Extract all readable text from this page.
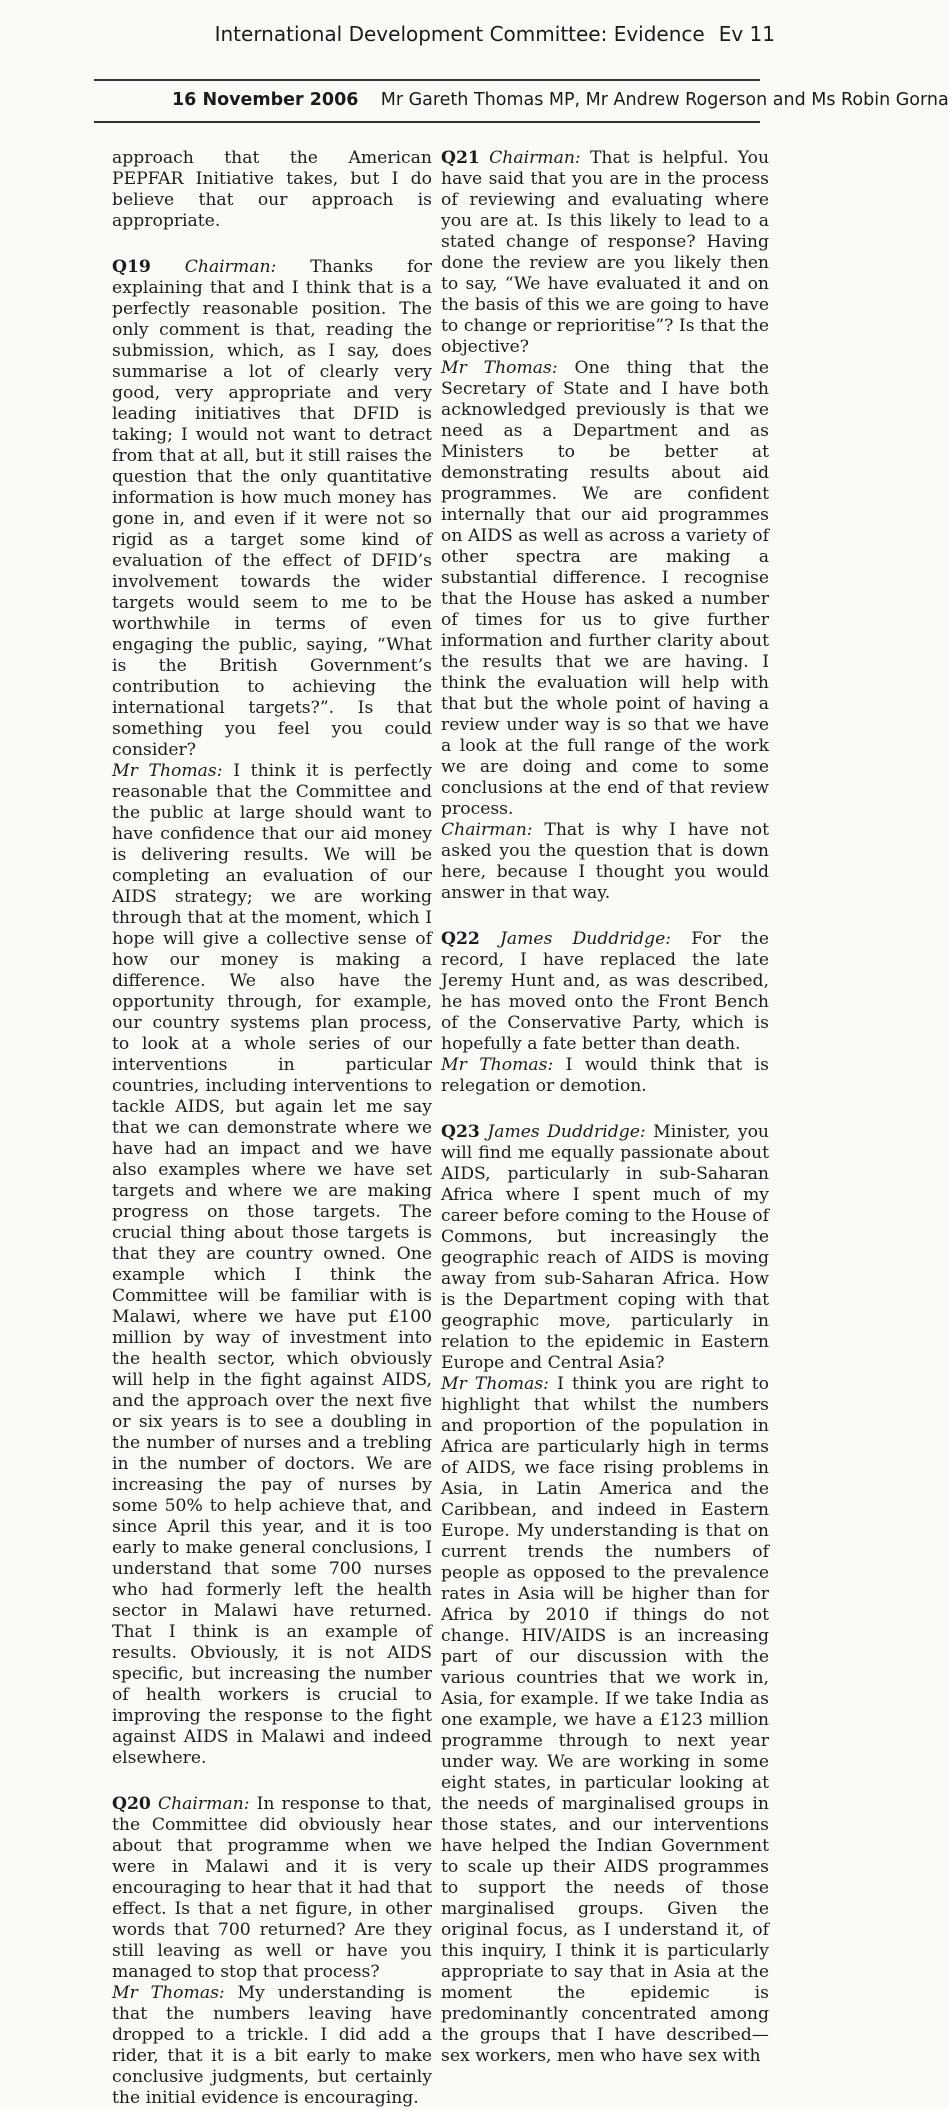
International Development Committee: Evidence Ev 11
16 November 2006 Mr Gareth Thomas MP, Mr Andrew Rogerson and Ms Robin Gorna

approach that the American PEPFAR Initiative takes, but I do believe that our approach is appropriate.

Q19 Chairman: Thanks for explaining that and I think that is a perfectly reasonable position. The only comment is that, reading the submission, which, as I say, does summarise a lot of clearly very good, very appropriate and very leading initiatives that DFID is taking; I would not want to detract from that at all, but it still raises the question that the only quantitative information is how much money has gone in, and even if it were not so rigid as a target some kind of evaluation of the effect of DFID’s involvement towards the wider targets would seem to me to be worthwhile in terms of even engaging the public, saying, “What is the British Government’s contribution to achieving the international targets?”. Is that something you feel you could consider?

Mr Thomas: I think it is perfectly reasonable that the Committee and the public at large should want to have confidence that our aid money is delivering results. We will be completing an evaluation of our AIDS strategy; we are working through that at the moment, which I hope will give a collective sense of how our money is making a difference. We also have the opportunity through, for example, our country systems plan process, to look at a whole series of our interventions in particular countries, including interventions to tackle AIDS, but again let me say that we can demonstrate where we have had an impact and we have also examples where we have set targets and where we are making progress on those targets. The crucial thing about those targets is that they are country owned. One example which I think the Committee will be familiar with is Malawi, where we have put £100 million by way of investment into the health sector, which obviously will help in the fight against AIDS, and the approach over the next five or six years is to see a doubling in the number of nurses and a trebling in the number of doctors. We are increasing the pay of nurses by some 50% to help achieve that, and since April this year, and it is too early to make general conclusions, I understand that some 700 nurses who had formerly left the health sector in Malawi have returned. That I think is an example of results. Obviously, it is not AIDS specific, but increasing the number of health workers is crucial to improving the response to the fight against AIDS in Malawi and indeed elsewhere.

Q20 Chairman: In response to that, the Committee did obviously hear about that programme when we were in Malawi and it is very encouraging to hear that it had that effect. Is that a net figure, in other words that 700 returned? Are they still leaving as well or have you managed to stop that process?

Mr Thomas: My understanding is that the numbers leaving have dropped to a trickle. I did add a rider, that it is a bit early to make conclusive judgments, but certainly the initial evidence is encouraging.

Q21 Chairman: That is helpful. You have said that you are in the process of reviewing and evaluating where you are at. Is this likely to lead to a stated change of response? Having done the review are you likely then to say, “We have evaluated it and on the basis of this we are going to have to change or reprioritise”? Is that the objective?

Mr Thomas: One thing that the Secretary of State and I have both acknowledged previously is that we need as a Department and as Ministers to be better at demonstrating results about aid programmes. We are confident internally that our aid programmes on AIDS as well as across a variety of other spectra are making a substantial difference. I recognise that the House has asked a number of times for us to give further information and further clarity about the results that we are having. I think the evaluation will help with that but the whole point of having a review under way is so that we have a look at the full range of the work we are doing and come to some conclusions at the end of that review process.

Chairman: That is why I have not asked you the question that is down here, because I thought you would answer in that way.

Q22 James Duddridge: For the record, I have replaced the late Jeremy Hunt and, as was described, he has moved onto the Front Bench of the Conservative Party, which is hopefully a fate better than death.

Mr Thomas: I would think that is relegation or demotion.

Q23 James Duddridge: Minister, you will find me equally passionate about AIDS, particularly in sub-Saharan Africa where I spent much of my career before coming to the House of Commons, but increasingly the geographic reach of AIDS is moving away from sub-Saharan Africa. How is the Department coping with that geographic move, particularly in relation to the epidemic in Eastern Europe and Central Asia?

Mr Thomas: I think you are right to highlight that whilst the numbers and proportion of the population in Africa are particularly high in terms of AIDS, we face rising problems in Asia, in Latin America and the Caribbean, and indeed in Eastern Europe. My understanding is that on current trends the numbers of people as opposed to the prevalence rates in Asia will be higher than for Africa by 2010 if things do not change. HIV/AIDS is an increasing part of our discussion with the various countries that we work in, Asia, for example. If we take India as one example, we have a £123 million programme through to next year under way. We are working in some eight states, in particular looking at the needs of marginalised groups in those states, and our interventions have helped the Indian Government to scale up their AIDS programmes to support the needs of those marginalised groups. Given the original focus, as I understand it, of this inquiry, I think it is particularly appropriate to say that in Asia at the moment the epidemic is predominantly concentrated among the groups that I have described—sex workers, men who have sex with
